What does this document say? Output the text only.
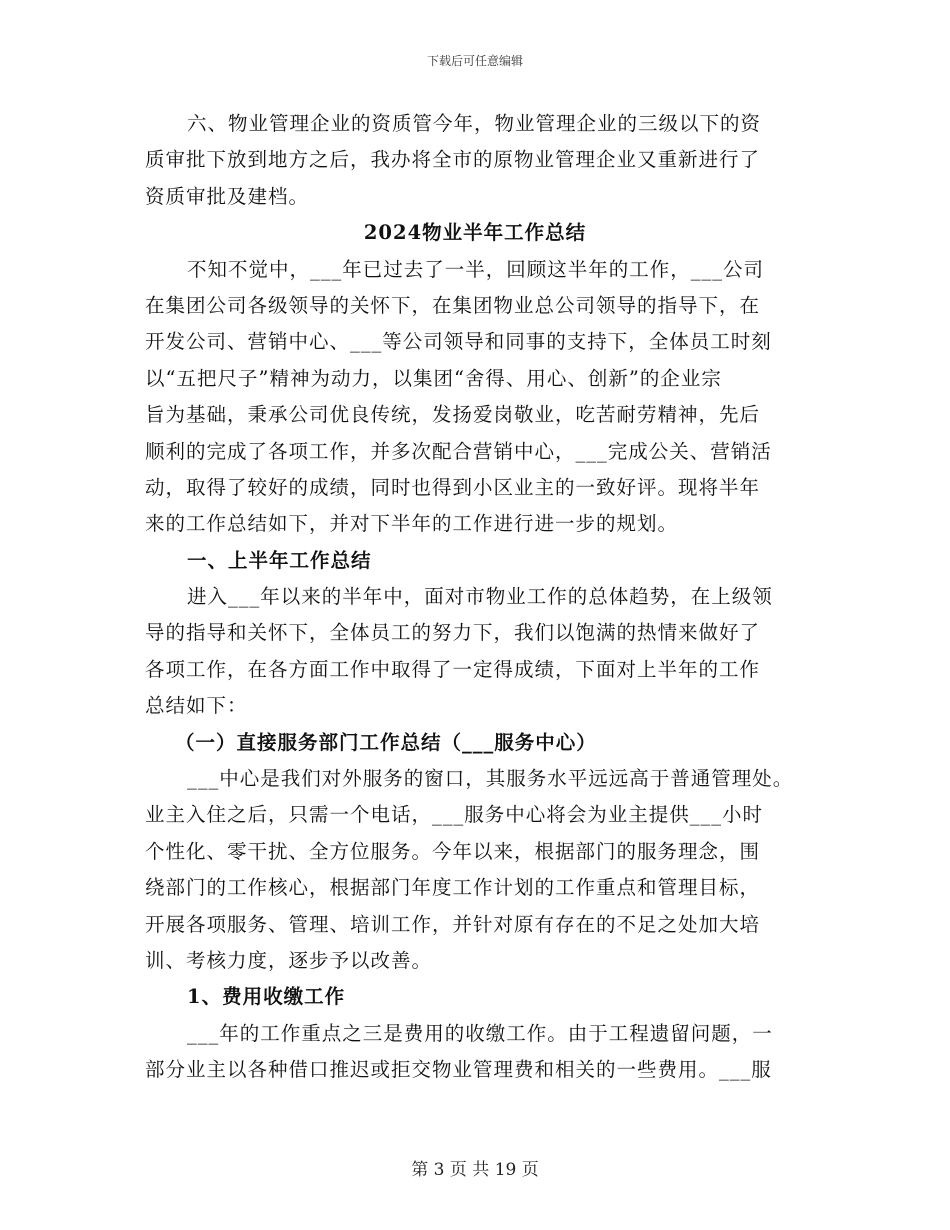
下载后可任意编辑
六、物业管理企业的资质管今年，物业管理企业的三级以下的资
质审批下放到地方之后，我办将全市的原物业管理企业又重新进行了
资质审批及建档。
2024物业半年工作总结
不知不觉中，___年已过去了一半，回顾这半年的工作，___公司
在集团公司各级领导的关怀下，在集团物业总公司领导的指导下，在
开发公司、营销中心、___等公司领导和同事的支持下，全体员工时刻
以“五把尺子”精神为动力，以集团“舍得、用心、创新”的企业宗
旨为基础，秉承公司优良传统，发扬爱岗敬业，吃苦耐劳精神，先后
顺利的完成了各项工作，并多次配合营销中心，___完成公关、营销活
动，取得了较好的成绩，同时也得到小区业主的一致好评。现将半年
来的工作总结如下，并对下半年的工作进行进一步的规划。
一、上半年工作总结
进入___年以来的半年中，面对市物业工作的总体趋势，在上级领
导的指导和关怀下，全体员工的努力下，我们以饱满的热情来做好了
各项工作，在各方面工作中取得了一定得成绩，下面对上半年的工作
总结如下：
（一）直接服务部门工作总结（___服务中心）
___中心是我们对外服务的窗口，其服务水平远远高于普通管理处。
业主入住之后，只需一个电话，___服务中心将会为业主提供___小时
个性化、零干扰、全方位服务。今年以来，根据部门的服务理念，围
绕部门的工作核心，根据部门年度工作计划的工作重点和管理目标，
开展各项服务、管理、培训工作，并针对原有存在的不足之处加大培
训、考核力度，逐步予以改善。
1、费用收缴工作
___年的工作重点之三是费用的收缴工作。由于工程遗留问题，一
部分业主以各种借口推迟或拒交物业管理费和相关的一些费用。___服
第 3 页 共 19 页
